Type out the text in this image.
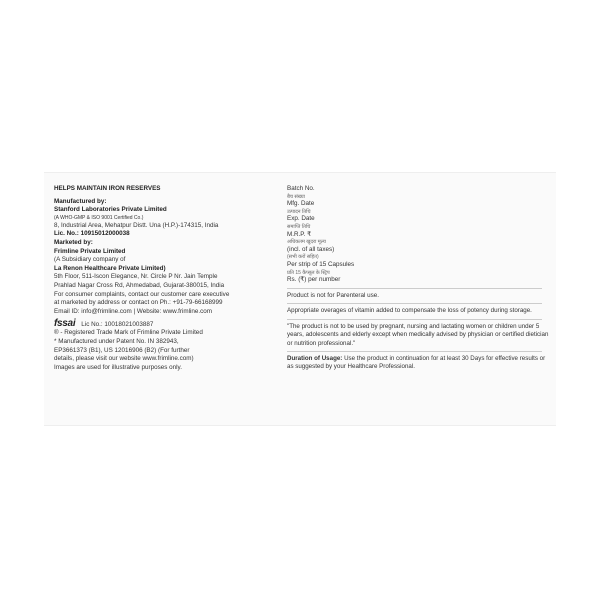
HELPS MAINTAIN IRON RESERVES
Manufactured by:
Stanford Laboratories Private Limited
(A WHO-GMP & ISO 9001 Certified Co.)
8, Industrial Area, Mehatpur Distt. Una (H.P.)-174315, India
Lic. No.: 10915012000038
Marketed by:
Frimline Private Limited
(A Subsidiary company of
La Renon Healthcare Private Limited)
5th Floor, 511-Iscon Elegance, Nr. Circle P Nr. Jain Temple
Prahlad Nagar Cross Rd, Ahmedabad, Gujarat-380015, India
For consumer complaints, contact our customer care executive
at marketed by address or contact on Ph.: +91-79-66168999
Email ID: info@frimline.com | Website: www.frimline.com
fssai Lic No.: 10018021003887
® - Registered Trade Mark of Frimline Private Limited
* Manufactured under Patent No. IN 382943,
EP3661373 (B1), US 12016906 (B2) (For further
details, please visit our website www.frimline.com)
Images are used for illustrative purposes only.
Batch No.
बैच संख्या
Mfg. Date
उत्पादन तिथि
Exp. Date
समाप्ति तिथि
M.R.P. ₹
अधिकतम खुदरा मूल्य
(incl. of all taxes)
(सभी करों सहित)
Per strip of 15 Capsules
प्रति 15 कैप्सूल के स्ट्रिप
Rs. (₹) per number
Product is not for Parenteral use.
Appropriate overages of vitamin added to compensate the loss of potency during storage.
"The product is not to be used by pregnant, nursing and lactating women or children under 5 years, adolescents and elderly except when medically advised by physician or certified dietician or nutrition professional."
Duration of Usage: Use the product in continuation for at least 30 Days for effective results or as suggested by your Healthcare Professional.
